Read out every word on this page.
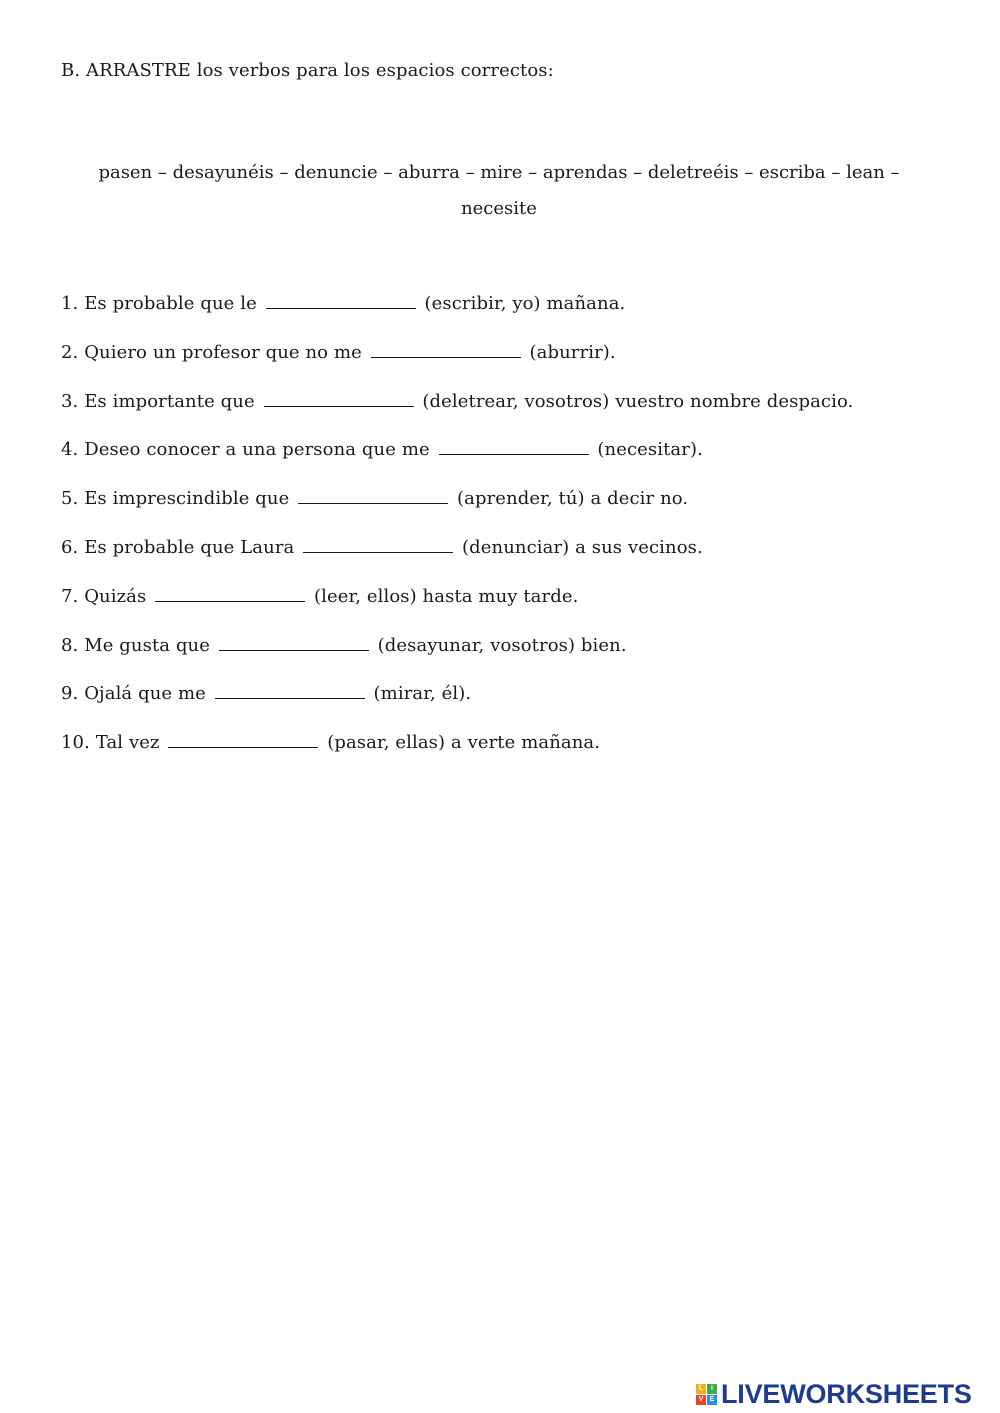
B. ARRASTRE los verbos para los espacios correctos:
pasen – desayunéis – denuncie – aburra – mire – aprendas – deletreéis – escriba – lean –
necesite
1. Es probable que le	(escribir, yo) mañana.
2. Quiero un profesor que no me	(aburrir).
3. Es importante que	(deletrear, vosotros) vuestro nombre despacio.
4. Deseo conocer a una persona que me	(necesitar).
5. Es imprescindible que	(aprender, tú) a decir no.
6. Es probable que Laura	(denunciar) a sus vecinos.
7. Quizás	(leer, ellos) hasta muy tarde.
8. Me gusta que	(desayunar, vosotros) bien.
9. Ojalá que me	(mirar, él).
10. Tal vez	(pasar, ellas) a verte mañana.
L	I
V E LIVEWORKSHEETS
